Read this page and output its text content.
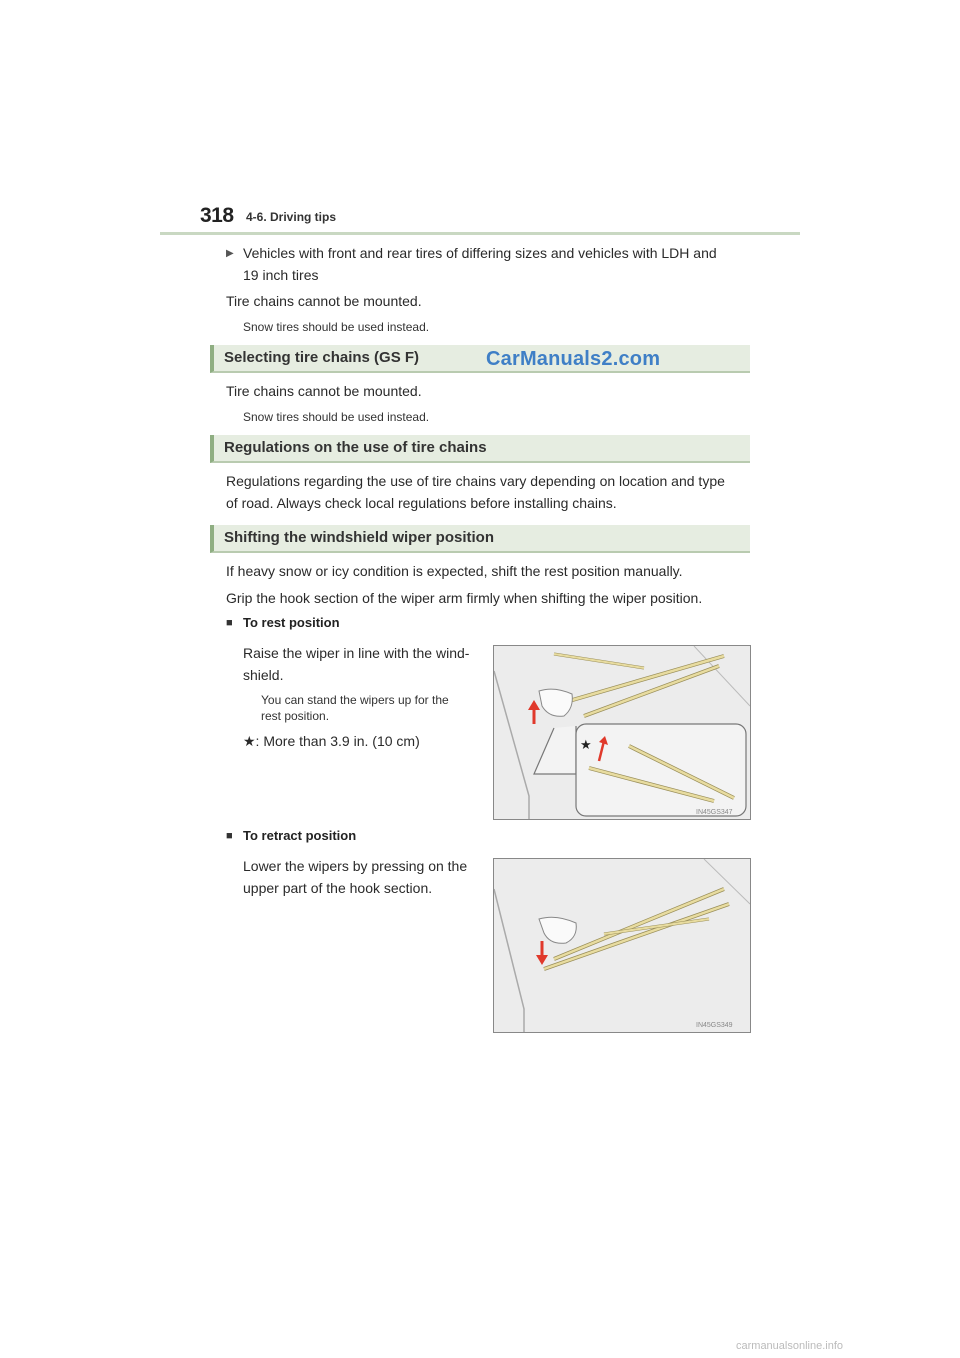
318 4-6. Driving tips
▶ Vehicles with front and rear tires of differing sizes and vehicles with LDH and
19 inch tires
Tire chains cannot be mounted.
Snow tires should be used instead.
Selecting tire chains (GS F)	CarManuals2.com
Tire chains cannot be mounted.
Snow tires should be used instead.
Regulations on the use of tire chains
Regulations regarding the use of tire chains vary depending on location and type
of road. Always check local regulations before installing chains.
Shifting the windshield wiper position
If heavy snow or icy condition is expected, shift the rest position manually.
Grip the hook section of the wiper arm firmly when shifting the wiper position.
■ To rest position
Raise the wiper in line with the wind-
shield.
You can stand the wipers up for the
rest position.
★: More than 3.9 in. (10 cm)	★
IN45GS347
■ To retract position
Lower the wipers by pressing on the
upper part of the hook section.
IN45GS349
carmanualsonline.info
